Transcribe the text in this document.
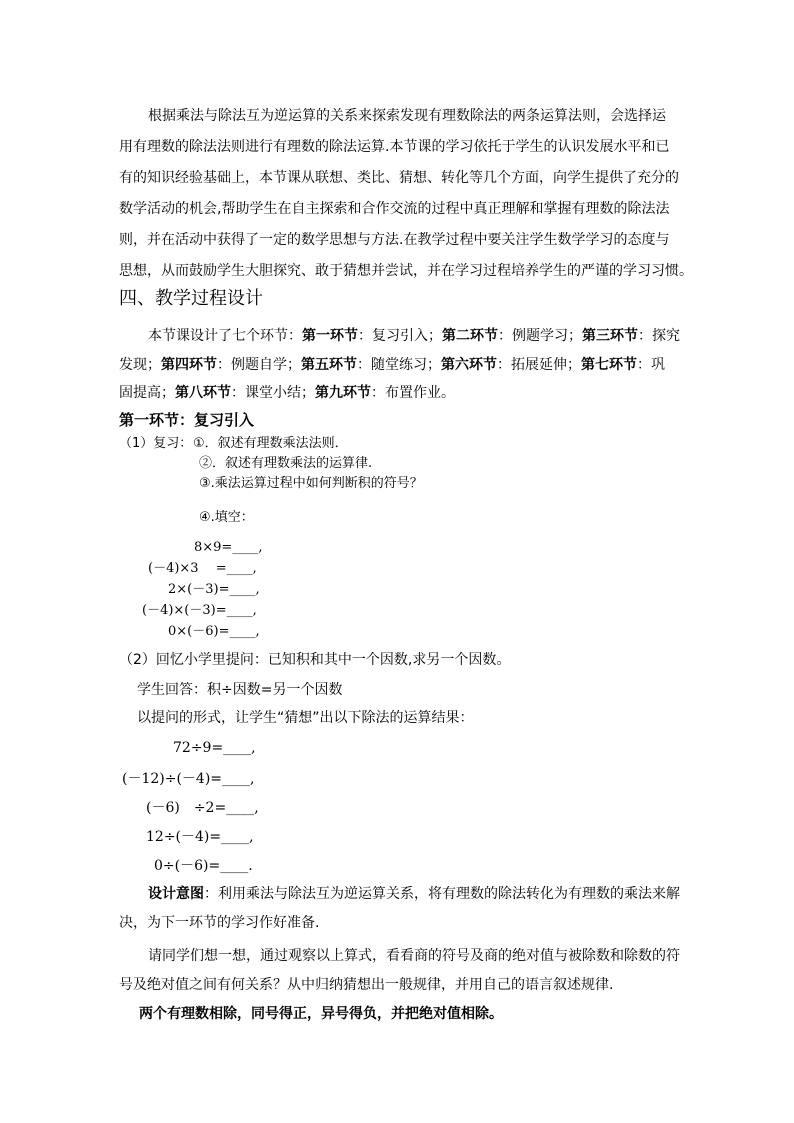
根据乘法与除法互为逆运算的关系来探索发现有理数除法的两条运算法则，会选择运
用有理数的除法法则进行有理数的除法运算.本节课的学习依托于学生的认识发展水平和已
有的知识经验基础上，本节课从联想、类比、猜想、转化等几个方面，向学生提供了充分的
数学活动的机会,帮助学生在自主探索和合作交流的过程中真正理解和掌握有理数的除法法
则，并在活动中获得了一定的数学思想与方法.在教学过程中要关注学生数学学习的态度与
思想，从而鼓励学生大胆探究、敢于猜想并尝试，并在学习过程培养学生的严谨的学习习惯。
四、教学过程设计
本节课设计了七个环节：第一环节：复习引入；第二环节：例题学习；第三环节：探究
发现；第四环节：例题自学；第五环节：随堂练习；第六环节：拓展延伸；第七环节：巩
固提高；第八环节：课堂小结；第九环节：布置作业。
第一环节：复习引入
（1）复习： ①．叙述有理数乘法法则．
②．叙述有理数乘法的运算律.
③.乘法运算过程中如何判断积的符号？
④.填空：
8×9=____,
(－4)×3　 =____,
2×(－3)=____,
(－4)×(－3)=____,
0×(－6)=____,
（2）回忆小学里提问：已知积和其中一个因数,求另一个因数。
学生回答：积÷因数=另一个因数
以提问的形式，让学生“猜想”出以下除法的运算结果：
72÷9=____,
(－12)÷(－4)=____,
(－6)　÷2=____,
12÷(－4)=____,
0÷(－6)=____.
设计意图：利用乘法与除法互为逆运算关系，将有理数的除法转化为有理数的乘法来解
决，为下一环节的学习作好准备.
请同学们想一想，通过观察以上算式，看看商的符号及商的绝对值与被除数和除数的符
号及绝对值之间有何关系？从中归纳猜想出一般规律，并用自己的语言叙述规律.
两个有理数相除，同号得正，异号得负，并把绝对值相除。
